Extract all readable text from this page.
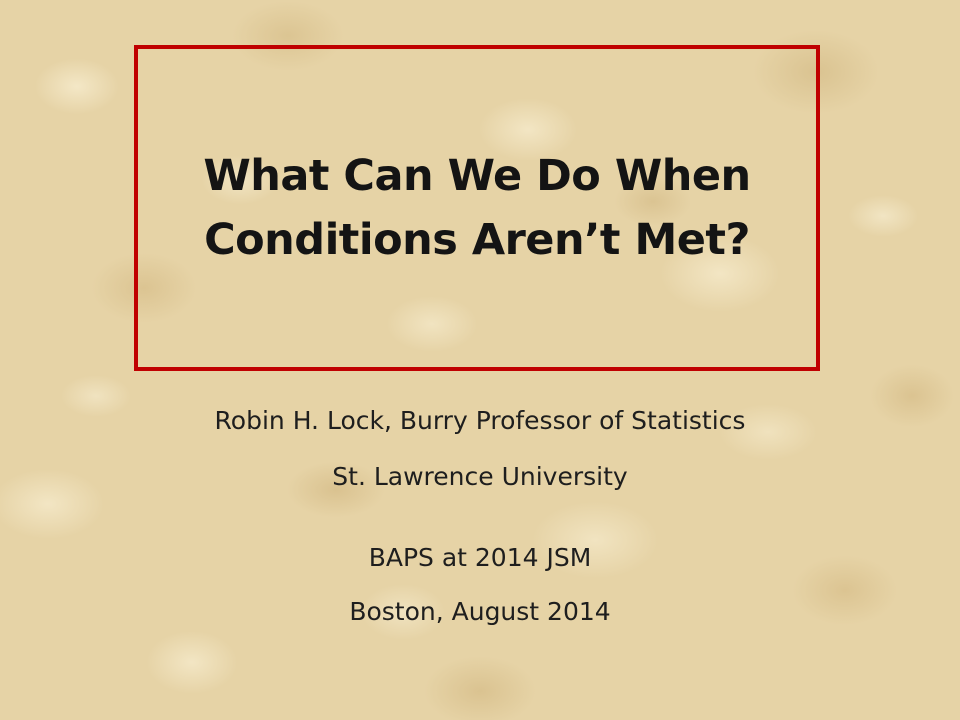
What Can We Do When
Conditions Aren’t Met?

Robin H. Lock, Burry Professor of Statistics

St. Lawrence University

BAPS at 2014 JSM

Boston, August 2014
